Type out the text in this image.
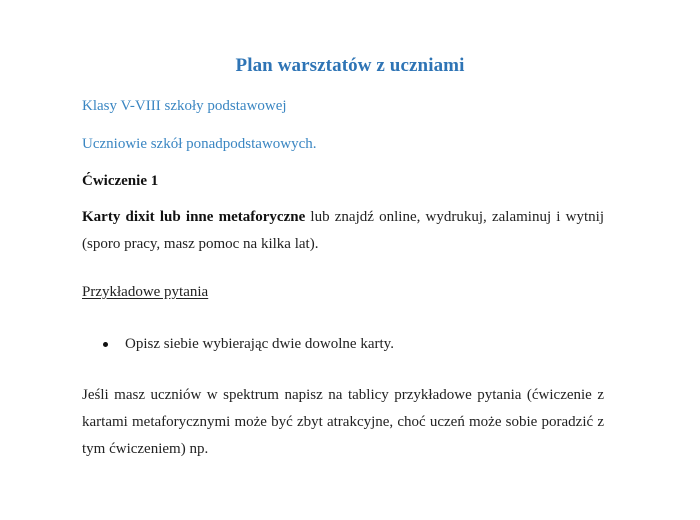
Plan warsztatów z uczniami
Klasy V-VIII szkoły podstawowej
Uczniowie szkół ponadpodstawowych.
Ćwiczenie 1
Karty dixit lub inne metaforyczne lub znajdź online, wydrukuj, zalaminuj i wytnij (sporo pracy, masz pomoc na kilka lat).
Przykładowe pytania
Opisz siebie wybierając dwie dowolne karty.
Jeśli masz uczniów w spektrum napisz na tablicy przykładowe pytania (ćwiczenie z kartami metaforycznymi może być zbyt atrakcyjne, choć uczeń może sobie poradzić z tym ćwiczeniem) np.
